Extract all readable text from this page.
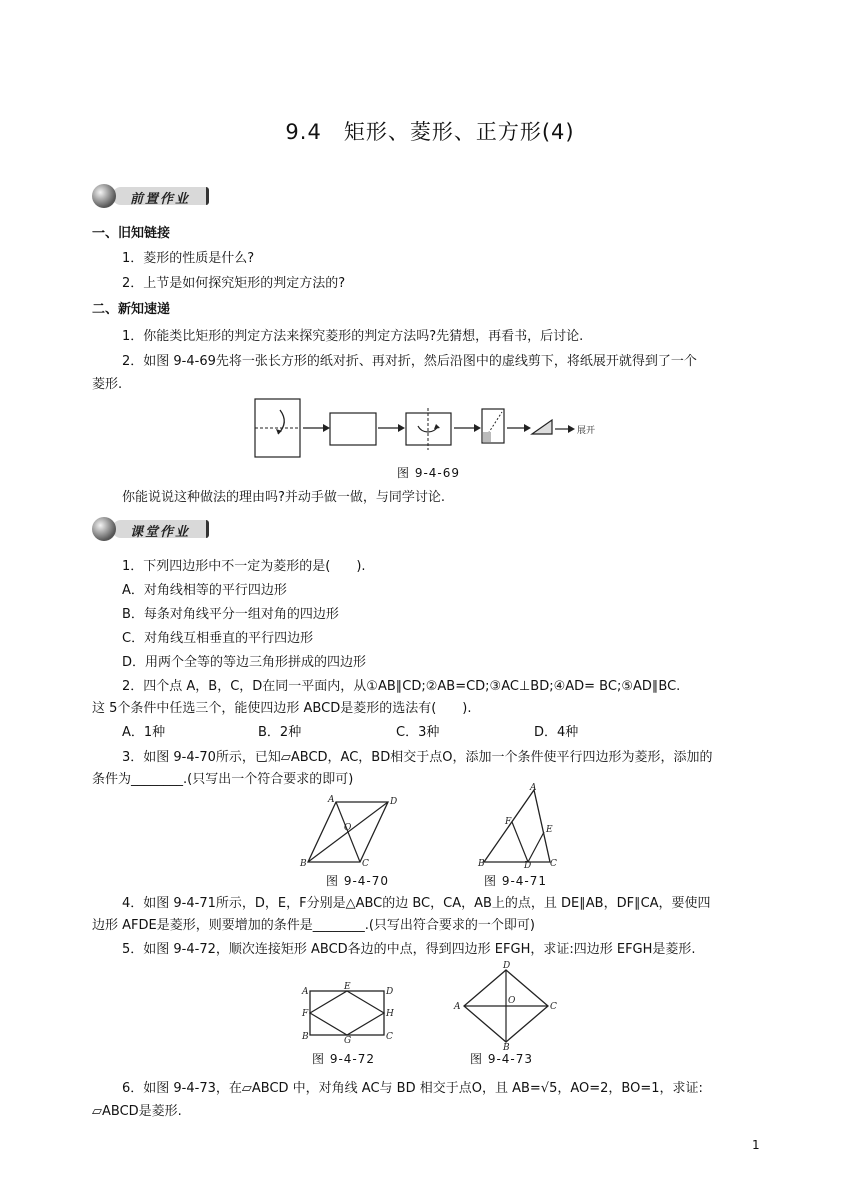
9.4　矩形、菱形、正方形(4)
前置作业
一、旧知链接
1．菱形的性质是什么?
2．上节是如何探究矩形的判定方法的?
二、新知速递
1．你能类比矩形的判定方法来探究菱形的判定方法吗?先猜想，再看书，后讨论.
2．如图 9-4-69先将一张长方形的纸对折、再对折，然后沿图中的虚线剪下，将纸展开就得到了一个
菱形.
展开
图 9-4-69
你能说说这种做法的理由吗?并动手做一做，与同学讨论.
课堂作业
1．下列四边形中不一定为菱形的是(　　).
A．对角线相等的平行四边形
B．每条对角线平分一组对角的四边形
C．对角线互相垂直的平行四边形
D．用两个全等的等边三角形拼成的四边形
2．四个点 A，B，C，D在同一平面内，从①AB∥CD;②AB=CD;③AC⊥BD;④AD= BC;⑤AD∥BC.
这 5个条件中任选三个，能使四边形 ABCD是菱形的选法有(　　).
A．1种	B．2种	C．3种	D．4种
3．如图 9-4-70所示，已知▱ABCD，AC，BD相交于点O，添加一个条件使平行四边形为菱形，添加的
条件为________.(只写出一个符合要求的即可)
A	D
O
B	C
A
F
E
B	D C
图 9-4-70	图 9-4-71
4．如图 9-4-71所示，D，E，F分别是△ABC的边 BC，CA，AB上的点，且 DE∥AB，DF∥CA，要使四
边形 AFDE是菱形，则要增加的条件是________.(只写出符合要求的一个即可)
5．如图 9-4-72，顺次连接矩形 ABCD各边的中点，得到四边形 EFGH，求证:四边形 EFGH是菱形.
A	E	D
F	H
B	G	C
D
A
O
C
B
图 9-4-72	图 9-4-73
6．如图 9-4-73，在▱ABCD 中，对角线 AC与 BD 相交于点O，且 AB=√5，AO=2，BO=1，求证:
▱ABCD是菱形.
1
